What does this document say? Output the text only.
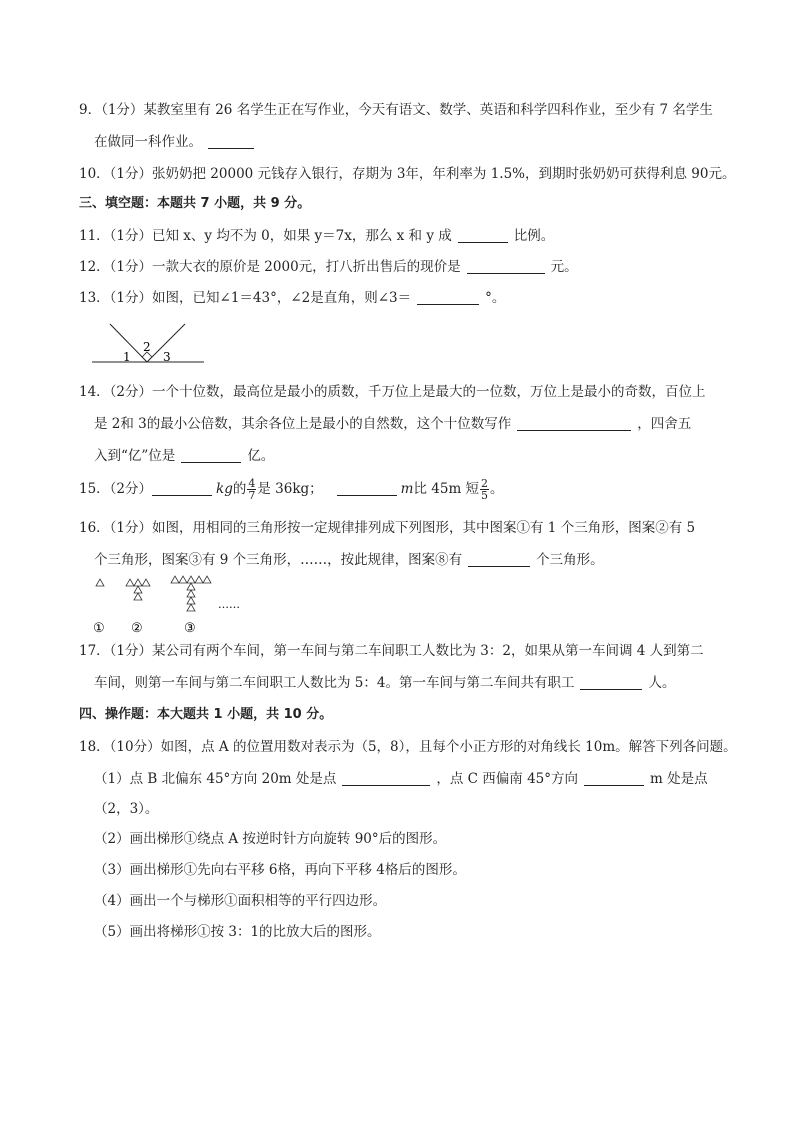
9．（1分）某教室里有 26 名学生正在写作业，今天有语文、数学、英语和科学四科作业，至少有 7 名学生
在做同一科作业。
10．（1分）张奶奶把 20000 元钱存入银行，存期为 3年，年利率为 1.5%，到期时张奶奶可获得利息 90元。
三、填空题：本题共 7 小题，共 9 分。
11．（1分）已知 x、y 均不为 0，如果 y＝7x，那么 x 和 y 成	比例。
12．（1分）一款大衣的原价是 2000元，打八折出售后的现价是	元。
13．（1分）如图，已知∠1＝43°，∠2是直角，则∠3＝	°。
1
2
3
14．（2分）一个十位数，最高位是最小的质数，千万位上是最大的一位数，万位上是最小的奇数，百位上
是 2和 3的最小公倍数，其余各位上是最小的自然数，这个十位数写作	，四舍五
入到“亿”位是	亿。
15．（2分）	kg的 $\frac{4}{7}$ 是 36kg；	m比 45m 短 $\frac{2}{5}$ 。
16．（1分）如图，用相同的三角形按一定规律排列成下列图形，其中图案①有 1 个三角形，图案②有 5
个三角形，图案③有 9 个三角形，……，按此规律，图案⑧有	个三角形。
……
① ②	③
17．（1分）某公司有两个车间，第一车间与第二车间职工人数比为 3：2，如果从第一车间调 4 人到第二
车间，则第一车间与第二车间职工人数比为 5：4。第一车间与第二车间共有职工	人。
四、操作题：本大题共 1 小题，共 10 分。
18．（10分）如图，点 A 的位置用数对表示为（5，8），且每个小正方形的对角线长 10m。解答下列各问题。
（1）点 B 北偏东 45°方向 20m 处是点	，点 C 西偏南 45°方向	m 处是点
（2，3）。
（2）画出梯形①绕点 A 按逆时针方向旋转 90°后的图形。
（3）画出梯形①先向右平移 6格，再向下平移 4格后的图形。
（4）画出一个与梯形①面积相等的平行四边形。
（5）画出将梯形①按 3：1的比放大后的图形。
